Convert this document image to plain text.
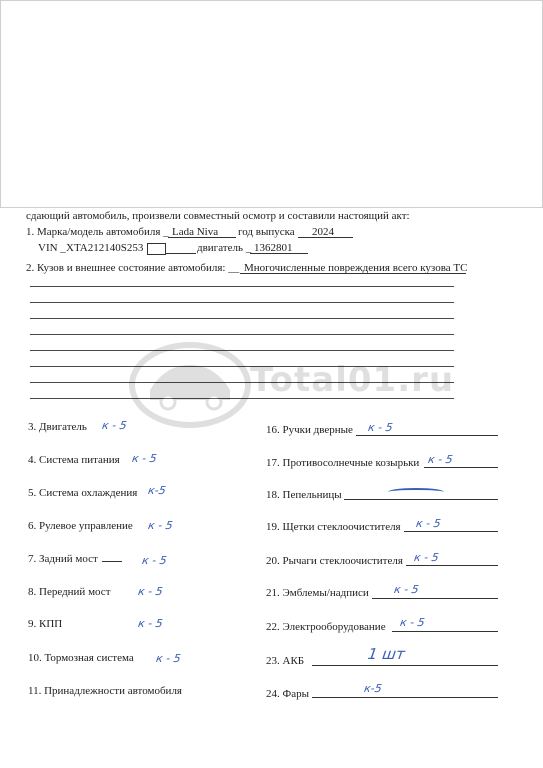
сдающий автомобиль, произвели совместный осмотр и составили настоящий акт:
1. Марка/модель автомобиля _ Lada Niva год выпуска 2024
VIN _ XTA212140S253	двигатель _ 1362801
2. Кузов и внешнее состояние автомобиля: __ Многочисленные повреждения всего кузова ТС
Total01.ru
3. Двигатель к - 5
4. Система питания к - 5
5. Система охлаждения к-5
6. Рулевое управление к - 5
7. Задний мост	к - 5
8. Передний мост к - 5
9. КПП	к - 5
10. Тормозная система к - 5
11. Принадлежности автомобиля
16. Ручки дверные к - 5
17. Противосолнечные козырьки к - 5
18. Пепельницы
19. Щетки стеклоочистителя к - 5
20. Рычаги стеклоочистителя к - 5
21. Эмблемы/надписи к - 5
22. Электрооборудование к - 5
23. АКБ	1 шт
24. Фары	к-5
